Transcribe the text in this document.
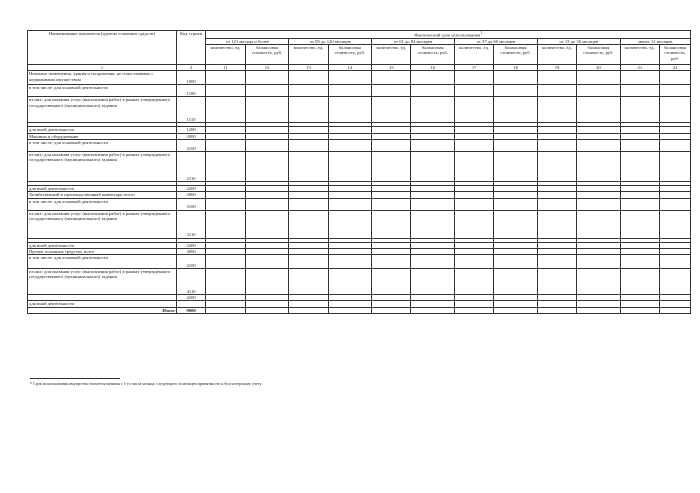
Наименование показателя (группы основных средств)	Код строки	Фактический срок использования$^1$
		от 121 месяца и более		от 85 до 120 месяцев		от 61 до 84 месяцев		от 37 до 60 месяцев		от 13 до 36 месяцев		менее 12 месяцев	
		количество, ед.	балансовая стоимость, руб.	количество, ед.	балансовая стоимость, руб.	количество, ед.	балансовая стоимость, руб.	количество, ед.	балансовая стоимость, руб.	количество, ед.	балансовая стоимость, руб.	количество, ед.	балансовая стоимость, руб.
1	2	11	12	13	14	15	16	17	18	19	20	21	22
Нежилые помещения, здания и сооружения, не сопоставимые с недвижимым имуществом	1000												
в том числе: для основной деятельности	1100												
из них: для оказания услуг (выполнения работ) в рамках утвержденного государственного (муниципального) задания	1110												

для иной деятельности	1200												
Машины и оборудование	2000												
в том числе: для основной деятельности	2100												
из них: для оказания услуг (выполнения работ) в рамках утвержденного государственного (муниципального) задания	2110												

для иной деятельности	2200												
Хозяйственный и производственный инвентарь, всего	3000												
в том числе: для основной деятельности	3100												
из них: для оказания услуг (выполнения работ) в рамках утвержденного государственного (муниципального) задания	3110												

для иной деятельности	3200												
Прочие основные средства, всего	4000												
в том числе: для основной деятельности	4100												
из них: для оказания услуг (выполнения работ) в рамках утвержденного государственного (муниципального) задания	4110												
	4200												
для иной деятельности													
Итого	9000												
¹⁾ Срок использования имущества считается начиная с 1-го числа месяца, следующего за месяцем принятия его к бухгалтерскому учету.
